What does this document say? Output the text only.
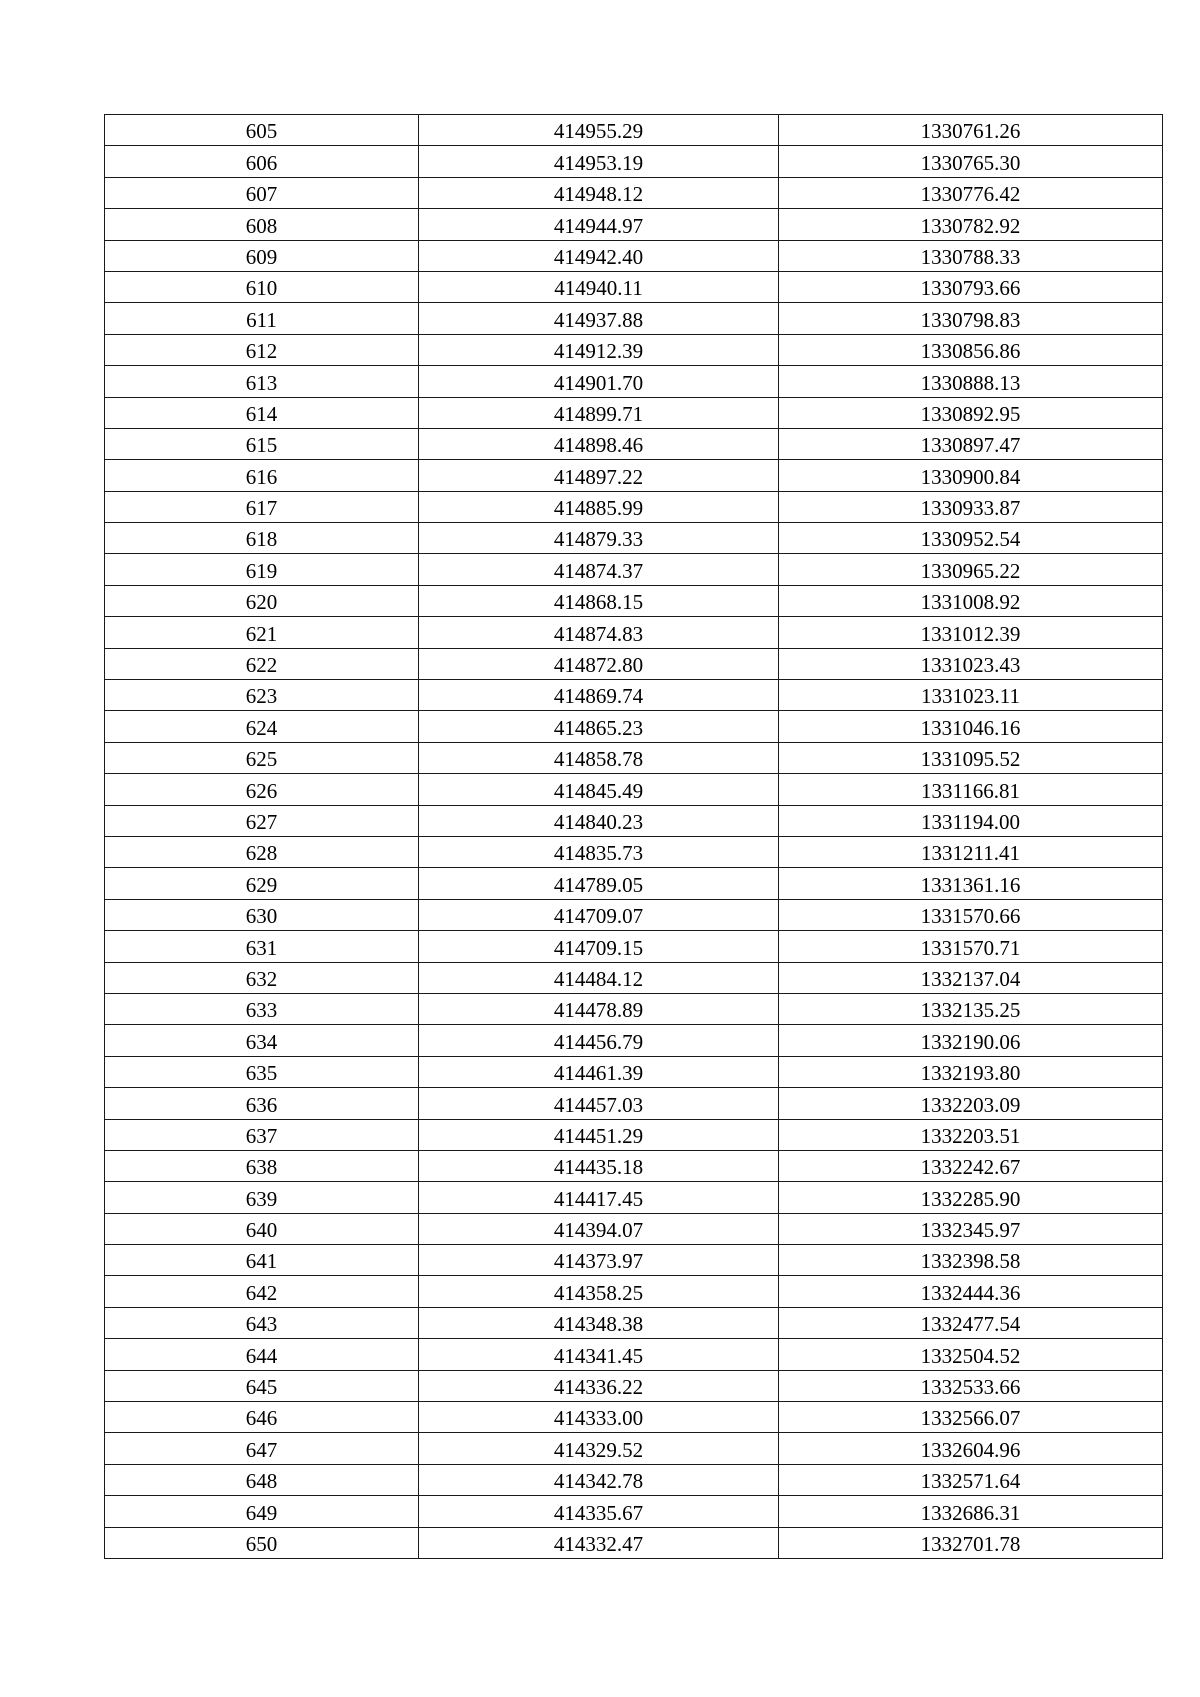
605	414955.29	1330761.26
606	414953.19	1330765.30
607	414948.12	1330776.42
608	414944.97	1330782.92
609	414942.40	1330788.33
610	414940.11	1330793.66
611	414937.88	1330798.83
612	414912.39	1330856.86
613	414901.70	1330888.13
614	414899.71	1330892.95
615	414898.46	1330897.47
616	414897.22	1330900.84
617	414885.99	1330933.87
618	414879.33	1330952.54
619	414874.37	1330965.22
620	414868.15	1331008.92
621	414874.83	1331012.39
622	414872.80	1331023.43
623	414869.74	1331023.11
624	414865.23	1331046.16
625	414858.78	1331095.52
626	414845.49	1331166.81
627	414840.23	1331194.00
628	414835.73	1331211.41
629	414789.05	1331361.16
630	414709.07	1331570.66
631	414709.15	1331570.71
632	414484.12	1332137.04
633	414478.89	1332135.25
634	414456.79	1332190.06
635	414461.39	1332193.80
636	414457.03	1332203.09
637	414451.29	1332203.51
638	414435.18	1332242.67
639	414417.45	1332285.90
640	414394.07	1332345.97
641	414373.97	1332398.58
642	414358.25	1332444.36
643	414348.38	1332477.54
644	414341.45	1332504.52
645	414336.22	1332533.66
646	414333.00	1332566.07
647	414329.52	1332604.96
648	414342.78	1332571.64
649	414335.67	1332686.31
650	414332.47	1332701.78
